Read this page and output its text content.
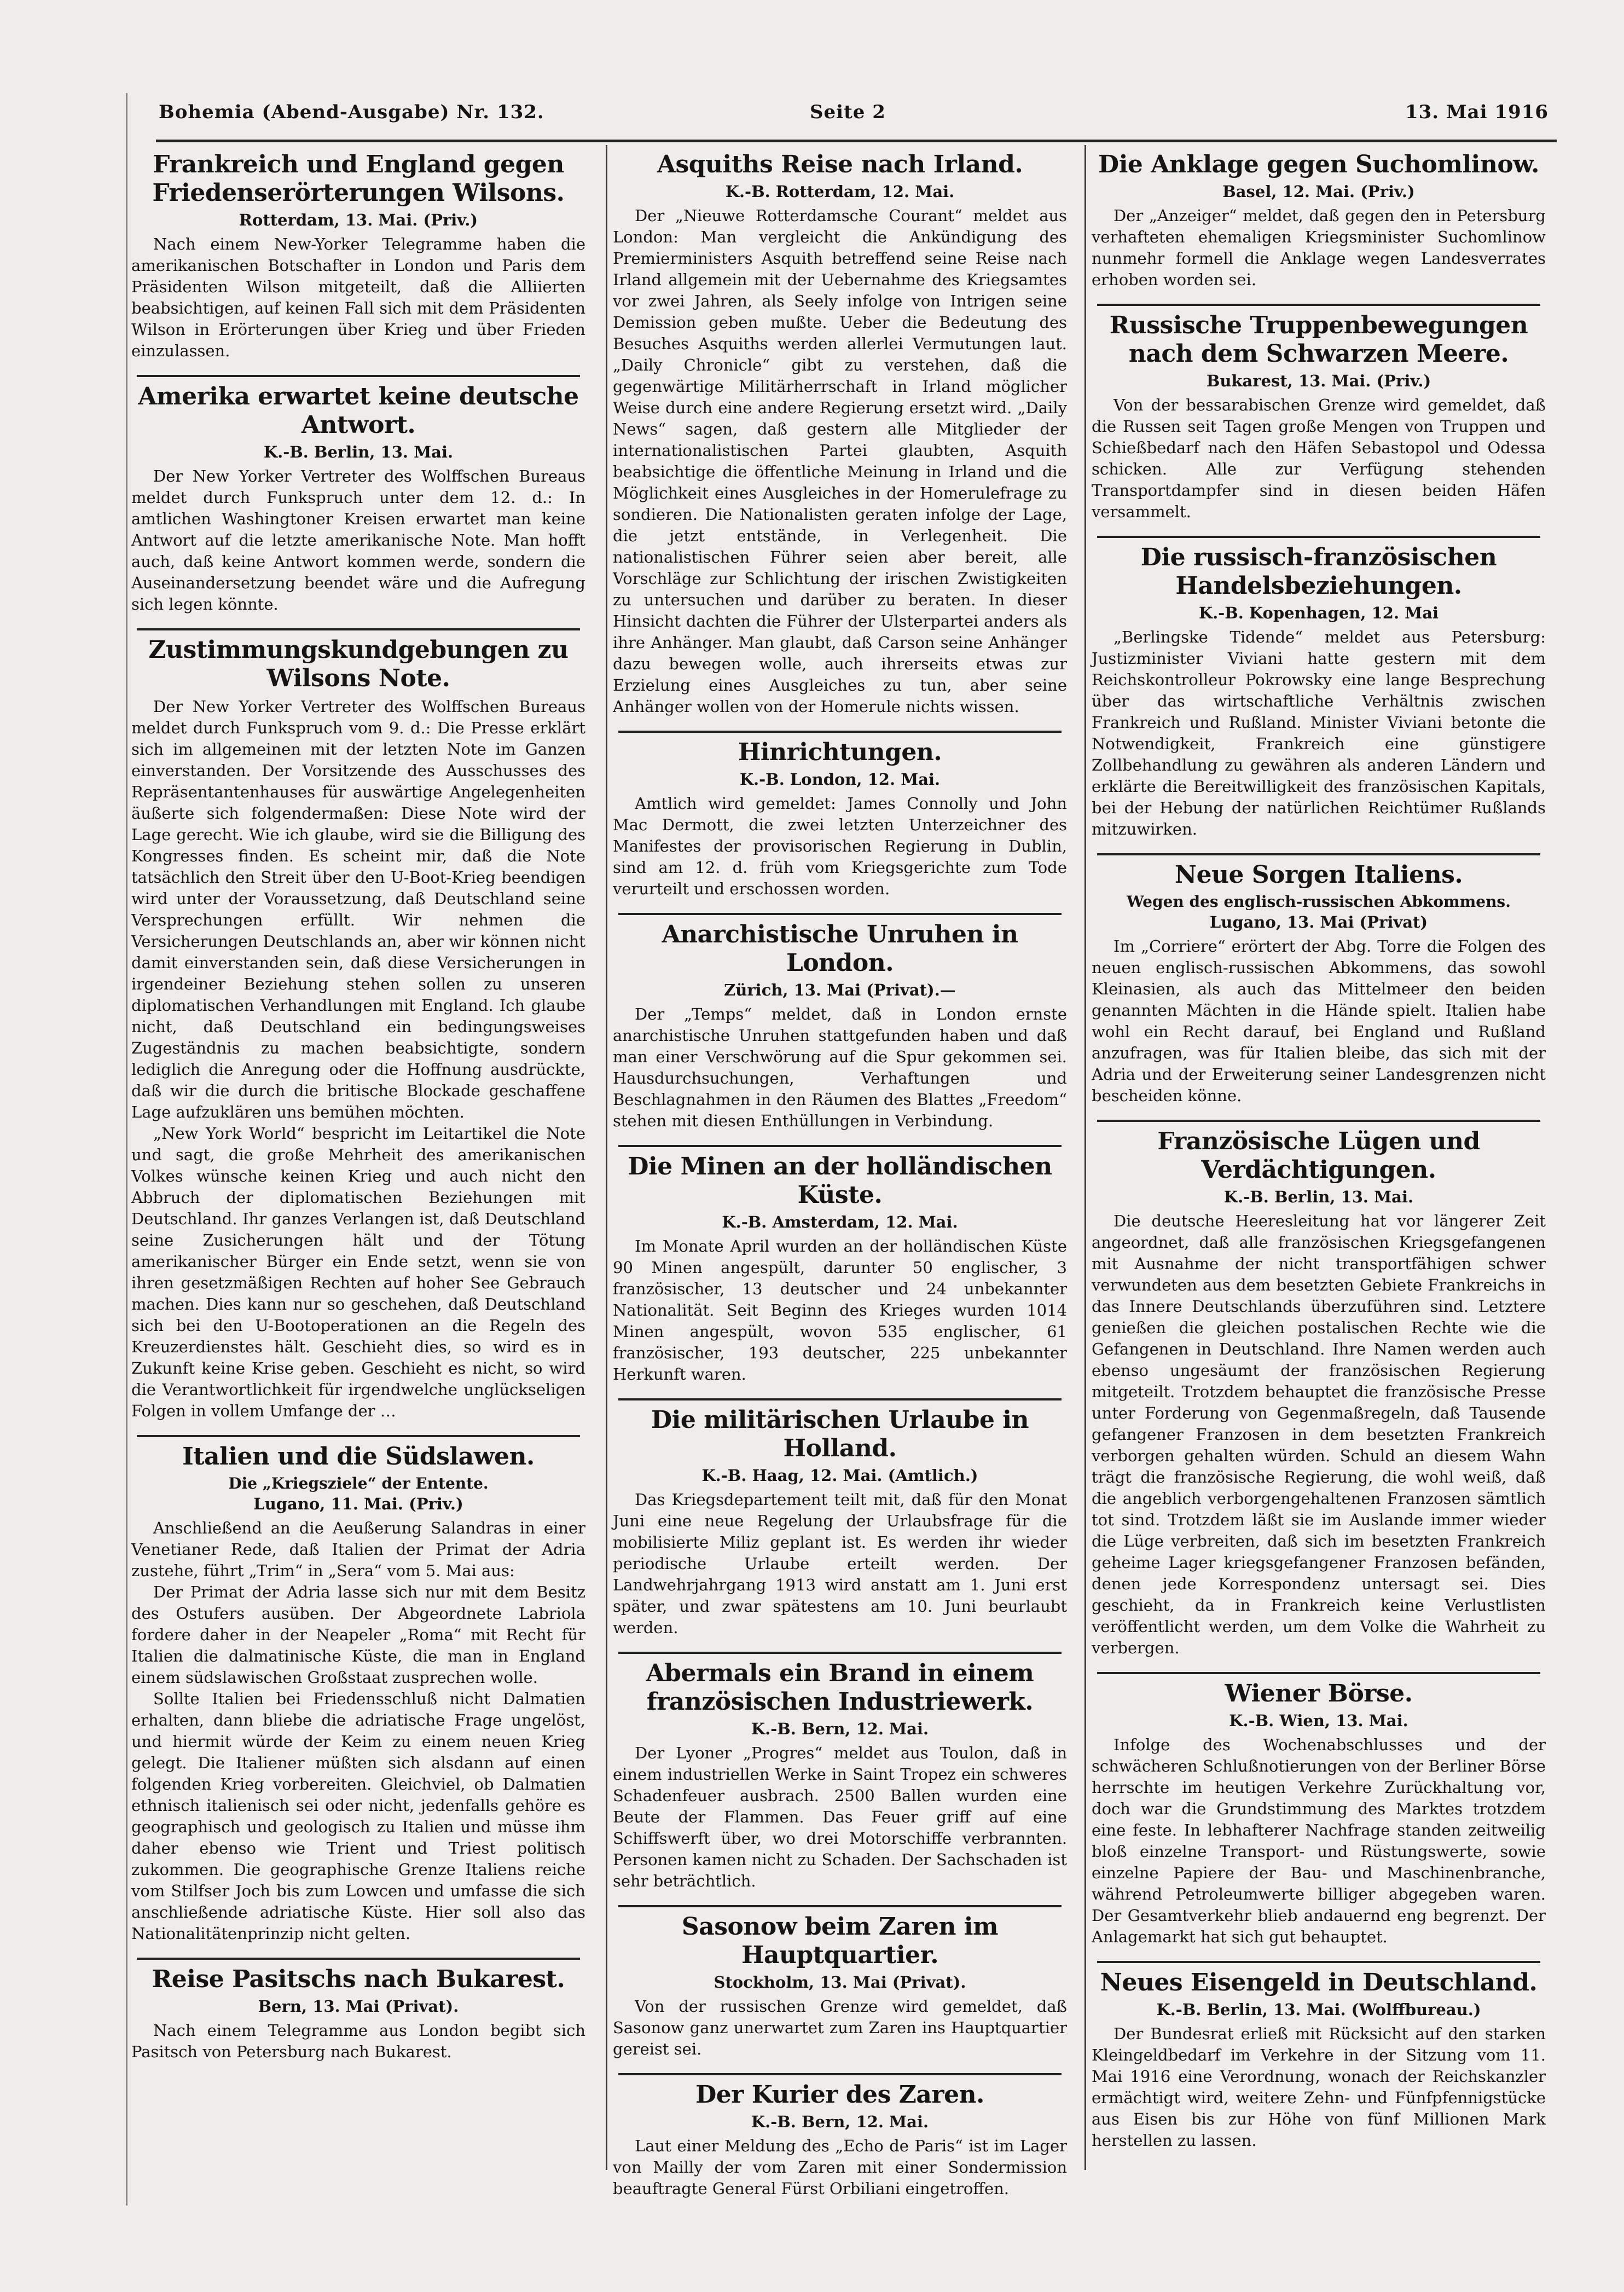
Bohemia (Abend-Ausgabe) Nr. 132.	Seite 2	13. Mai 1916
Frankreich und England gegen Friedenserörterungen Wilsons.
Rotterdam, 13. Mai. (Priv.)

Nach einem New-Yorker Telegramme haben die amerikanischen Botschafter in London und Paris dem Präsidenten Wilson mitgeteilt, daß die Alliierten beabsichtigen, auf keinen Fall sich mit dem Präsidenten Wilson in Erörterungen über Krieg und über Frieden einzulassen.

Amerika erwartet keine deutsche Antwort.
K.-B. Berlin, 13. Mai.

Der New Yorker Vertreter des Wolffschen Bureaus meldet durch Funkspruch unter dem 12. d.: In amtlichen Washingtoner Kreisen erwartet man keine Antwort auf die letzte amerikanische Note. Man hofft auch, daß keine Antwort kommen werde, sondern die Auseinandersetzung beendet wäre und die Aufregung sich legen könnte.

Zustimmungskundgebungen zu Wilsons Note.

Der New Yorker Vertreter des Wolffschen Bureaus meldet durch Funkspruch vom 9. d.: Die Presse erklärt sich im allgemeinen mit der letzten Note im Ganzen einverstanden. Der Vorsitzende des Ausschusses des Repräsentantenhauses für auswärtige Angelegenheiten äußerte sich folgendermaßen: Diese Note wird der Lage gerecht. Wie ich glaube, wird sie die Billigung des Kongresses finden. Es scheint mir, daß die Note tatsächlich den Streit über den U-Boot-Krieg beendigen wird unter der Voraussetzung, daß Deutschland seine Versprechungen erfüllt. Wir nehmen die Versicherungen Deutschlands an, aber wir können nicht damit einverstanden sein, daß diese Versicherungen in irgendeiner Beziehung stehen sollen zu unseren diplomatischen Verhandlungen mit England. Ich glaube nicht, daß Deutschland ein bedingungsweises Zugeständnis zu machen beabsichtigte, sondern lediglich die Anregung oder die Hoffnung ausdrückte, daß wir die durch die britische Blockade geschaffene Lage aufzuklären uns bemühen möchten.

„New York World“ bespricht im Leitartikel die Note und sagt, die große Mehrheit des amerikanischen Volkes wünsche keinen Krieg und auch nicht den Abbruch der diplomatischen Beziehungen mit Deutschland. Ihr ganzes Verlangen ist, daß Deutschland seine Zusicherungen hält und der Tötung amerikanischer Bürger ein Ende setzt, wenn sie von ihren gesetzmäßigen Rechten auf hoher See Gebrauch machen. Dies kann nur so geschehen, daß Deutschland sich bei den U-Bootoperationen an die Regeln des Kreuzerdienstes hält. Geschieht dies, so wird es in Zukunft keine Krise geben. Geschieht es nicht, so wird die Verantwortlichkeit für irgendwelche unglückseligen Folgen in vollem Umfange der …

Italien und die Südslawen.
Die „Kriegsziele“ der Entente.
Lugano, 11. Mai. (Priv.)

Anschließend an die Aeußerung Salandras in einer Venetianer Rede, daß Italien der Primat der Adria zustehe, führt „Trim“ in „Sera“ vom 5. Mai aus:

Der Primat der Adria lasse sich nur mit dem Besitz des Ostufers ausüben. Der Abgeordnete Labriola fordere daher in der Neapeler „Roma“ mit Recht für Italien die dalmatinische Küste, die man in England einem südslawischen Großstaat zusprechen wolle.

Sollte Italien bei Friedensschluß nicht Dalmatien erhalten, dann bliebe die adriatische Frage ungelöst, und hiermit würde der Keim zu einem neuen Krieg gelegt. Die Italiener müßten sich alsdann auf einen folgenden Krieg vorbereiten. Gleichviel, ob Dalmatien ethnisch italienisch sei oder nicht, jedenfalls gehöre es geographisch und geologisch zu Italien und müsse ihm daher ebenso wie Trient und Triest politisch zukommen. Die geographische Grenze Italiens reiche vom Stilfser Joch bis zum Lowcen und umfasse die sich anschließende adriatische Küste. Hier soll also das Nationalitätenprinzip nicht gelten.

Reise Pasitschs nach Bukarest.
Bern, 13. Mai (Privat).

Nach einem Telegramme aus London begibt sich Pasitsch von Petersburg nach Bukarest.

Asquiths Reise nach Irland.
K.-B. Rotterdam, 12. Mai.

Der „Nieuwe Rotterdamsche Courant“ meldet aus London: Man vergleicht die Ankündigung des Premierministers Asquith betreffend seine Reise nach Irland allgemein mit der Uebernahme des Kriegsamtes vor zwei Jahren, als Seely infolge von Intrigen seine Demission geben mußte. Ueber die Bedeutung des Besuches Asquiths werden allerlei Vermutungen laut. „Daily Chronicle“ gibt zu verstehen, daß die gegenwärtige Militärherrschaft in Irland möglicher Weise durch eine andere Regierung ersetzt wird. „Daily News“ sagen, daß gestern alle Mitglieder der internationalistischen Partei glaubten, Asquith beabsichtige die öffentliche Meinung in Irland und die Möglichkeit eines Ausgleiches in der Homerulefrage zu sondieren. Die Nationalisten geraten infolge der Lage, die jetzt entstände, in Verlegenheit. Die nationalistischen Führer seien aber bereit, alle Vorschläge zur Schlichtung der irischen Zwistigkeiten zu untersuchen und darüber zu beraten. In dieser Hinsicht dachten die Führer der Ulsterpartei anders als ihre Anhänger. Man glaubt, daß Carson seine Anhänger dazu bewegen wolle, auch ihrerseits etwas zur Erzielung eines Ausgleiches zu tun, aber seine Anhänger wollen von der Homerule nichts wissen.

Hinrichtungen.
K.-B. London, 12. Mai.

Amtlich wird gemeldet: James Connolly und John Mac Dermott, die zwei letzten Unterzeichner des Manifestes der provisorischen Regierung in Dublin, sind am 12. d. früh vom Kriegsgerichte zum Tode verurteilt und erschossen worden.

Anarchistische Unruhen in London.
Zürich, 13. Mai (Privat).—

Der „Temps“ meldet, daß in London ernste anarchistische Unruhen stattgefunden haben und daß man einer Verschwörung auf die Spur gekommen sei. Hausdurchsuchungen, Verhaftungen und Beschlagnahmen in den Räumen des Blattes „Freedom“ stehen mit diesen Enthüllungen in Verbindung.

Die Minen an der holländischen Küste.
K.-B. Amsterdam, 12. Mai.

Im Monate April wurden an der holländischen Küste 90 Minen angespült, darunter 50 englischer, 3 französischer, 13 deutscher und 24 unbekannter Nationalität. Seit Beginn des Krieges wurden 1014 Minen angespült, wovon 535 englischer, 61 französischer, 193 deutscher, 225 unbekannter Herkunft waren.

Die militärischen Urlaube in Holland.
K.-B. Haag, 12. Mai. (Amtlich.)

Das Kriegsdepartement teilt mit, daß für den Monat Juni eine neue Regelung der Urlaubsfrage für die mobilisierte Miliz geplant ist. Es werden ihr wieder periodische Urlaube erteilt werden. Der Landwehrjahrgang 1913 wird anstatt am 1. Juni erst später, und zwar spätestens am 10. Juni beurlaubt werden.

Abermals ein Brand in einem französischen Industriewerk.
K.-B. Bern, 12. Mai.

Der Lyoner „Progres“ meldet aus Toulon, daß in einem industriellen Werke in Saint Tropez ein schweres Schadenfeuer ausbrach. 2500 Ballen wurden eine Beute der Flammen. Das Feuer griff auf eine Schiffswerft über, wo drei Motorschiffe verbrannten. Personen kamen nicht zu Schaden. Der Sachschaden ist sehr beträchtlich.

Sasonow beim Zaren im Hauptquartier.
Stockholm, 13. Mai (Privat).

Von der russischen Grenze wird gemeldet, daß Sasonow ganz unerwartet zum Zaren ins Hauptquartier gereist sei.

Der Kurier des Zaren.
K.-B. Bern, 12. Mai.

Laut einer Meldung des „Echo de Paris“ ist im Lager von Mailly der vom Zaren mit einer Sondermission beauftragte General Fürst Orbiliani eingetroffen.

Die Anklage gegen Suchomlinow.
Basel, 12. Mai. (Priv.)

Der „Anzeiger“ meldet, daß gegen den in Petersburg verhafteten ehemaligen Kriegsminister Suchomlinow nunmehr formell die Anklage wegen Landesverrates erhoben worden sei.

Russische Truppenbewegungen nach dem Schwarzen Meere.
Bukarest, 13. Mai. (Priv.)

Von der bessarabischen Grenze wird gemeldet, daß die Russen seit Tagen große Mengen von Truppen und Schießbedarf nach den Häfen Sebastopol und Odessa schicken. Alle zur Verfügung stehenden Transportdampfer sind in diesen beiden Häfen versammelt.

Die russisch-französischen Handelsbeziehungen.
K.-B. Kopenhagen, 12. Mai

„Berlingske Tidende“ meldet aus Petersburg: Justizminister Viviani hatte gestern mit dem Reichskontrolleur Pokrowsky eine lange Besprechung über das wirtschaftliche Verhältnis zwischen Frankreich und Rußland. Minister Viviani betonte die Notwendigkeit, Frankreich eine günstigere Zollbehandlung zu gewähren als anderen Ländern und erklärte die Bereitwilligkeit des französischen Kapitals, bei der Hebung der natürlichen Reichtümer Rußlands mitzuwirken.

Neue Sorgen Italiens.
Wegen des englisch-russischen Abkommens.
Lugano, 13. Mai (Privat)

Im „Corriere“ erörtert der Abg. Torre die Folgen des neuen englisch-russischen Abkommens, das sowohl Kleinasien, als auch das Mittelmeer den beiden genannten Mächten in die Hände spielt. Italien habe wohl ein Recht darauf, bei England und Rußland anzufragen, was für Italien bleibe, das sich mit der Adria und der Erweiterung seiner Landesgrenzen nicht bescheiden könne.

Französische Lügen und Verdächtigungen.
K.-B. Berlin, 13. Mai.

Die deutsche Heeresleitung hat vor längerer Zeit angeordnet, daß alle französischen Kriegsgefangenen mit Ausnahme der nicht transportfähigen schwer verwundeten aus dem besetzten Gebiete Frankreichs in das Innere Deutschlands überzuführen sind. Letztere genießen die gleichen postalischen Rechte wie die Gefangenen in Deutschland. Ihre Namen werden auch ebenso ungesäumt der französischen Regierung mitgeteilt. Trotzdem behauptet die französische Presse unter Forderung von Gegenmaßregeln, daß Tausende gefangener Franzosen in dem besetzten Frankreich verborgen gehalten würden. Schuld an diesem Wahn trägt die französische Regierung, die wohl weiß, daß die angeblich verborgengehaltenen Franzosen sämtlich tot sind. Trotzdem läßt sie im Auslande immer wieder die Lüge verbreiten, daß sich im besetzten Frankreich geheime Lager kriegsgefangener Franzosen befänden, denen jede Korrespondenz untersagt sei. Dies geschieht, da in Frankreich keine Verlustlisten veröffentlicht werden, um dem Volke die Wahrheit zu verbergen.

Wiener Börse.
K.-B. Wien, 13. Mai.

Infolge des Wochenabschlusses und der schwächeren Schlußnotierungen von der Berliner Börse herrschte im heutigen Verkehre Zurückhaltung vor, doch war die Grundstimmung des Marktes trotzdem eine feste. In lebhafterer Nachfrage standen zeitweilig bloß einzelne Transport- und Rüstungswerte, sowie einzelne Papiere der Bau- und Maschinenbranche, während Petroleumwerte billiger abgegeben waren. Der Gesamtverkehr blieb andauernd eng begrenzt. Der Anlagemarkt hat sich gut behauptet.

Neues Eisengeld in Deutschland.
K.-B. Berlin, 13. Mai. (Wolffbureau.)

Der Bundesrat erließ mit Rücksicht auf den starken Kleingeldbedarf im Verkehre in der Sitzung vom 11. Mai 1916 eine Verordnung, wonach der Reichskanzler ermächtigt wird, weitere Zehn- und Fünfpfennigstücke aus Eisen bis zur Höhe von fünf Millionen Mark herstellen zu lassen.
